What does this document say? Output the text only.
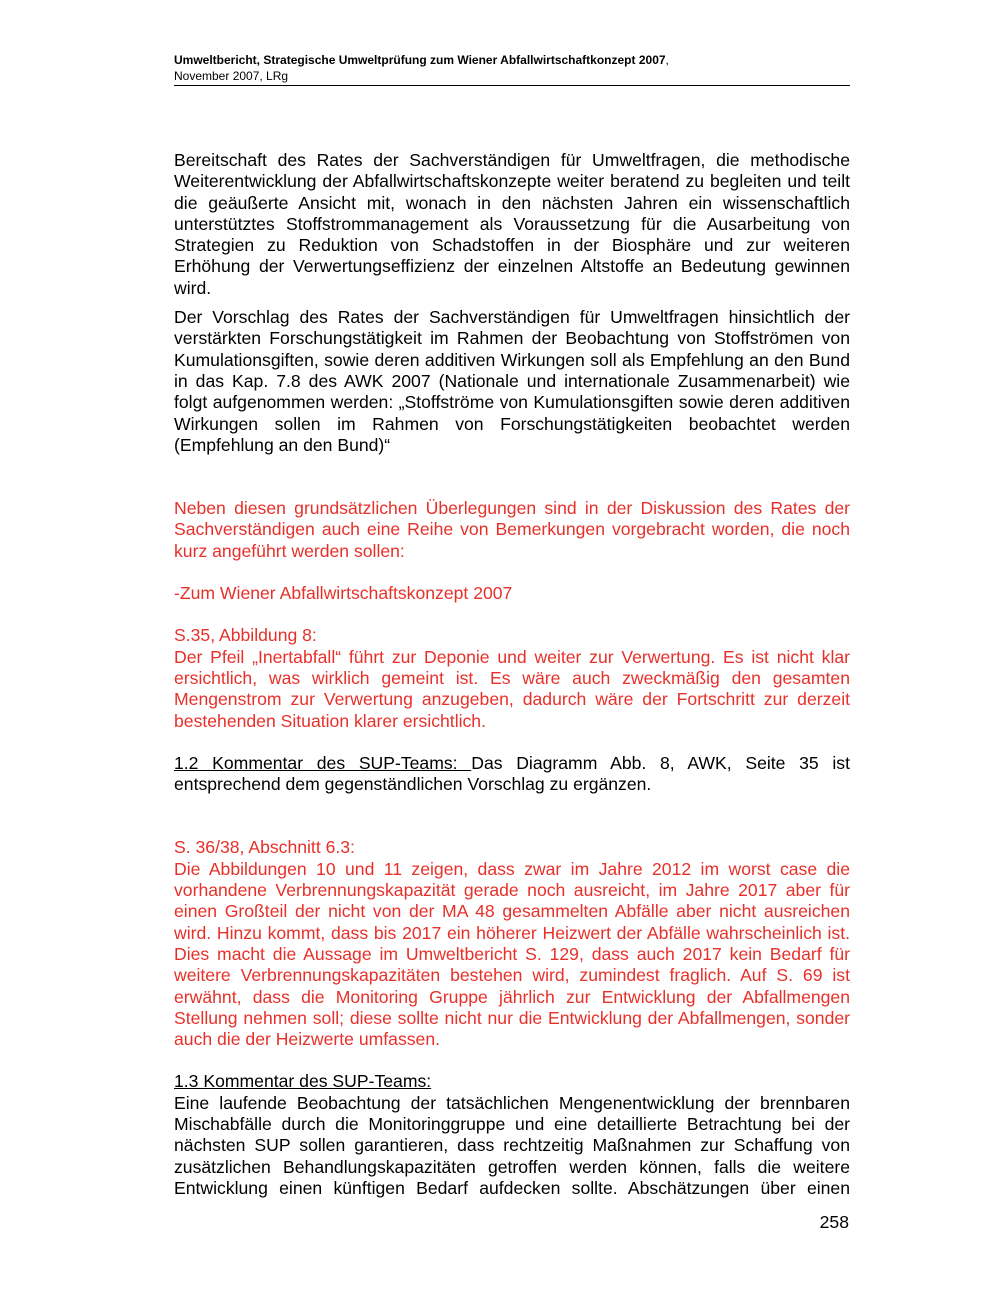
Umweltbericht, Strategische Umweltprüfung zum Wiener Abfallwirtschaftkonzept 2007,
November 2007, LRg

Bereitschaft des Rates der Sachverständigen für Umweltfragen, die methodische Weiterentwicklung der Abfallwirtschaftskonzepte weiter beratend zu begleiten und teilt die geäußerte Ansicht mit, wonach in den nächsten Jahren ein wissenschaftlich unterstütztes Stoffstrommanagement als Voraussetzung für die Ausarbeitung von Strategien zu Reduktion von Schadstoffen in der Biosphäre und zur weiteren Erhöhung der Verwertungseffizienz der einzelnen Altstoffe an Bedeutung gewinnen wird.

Der Vorschlag des Rates der Sachverständigen für Umweltfragen hinsichtlich der verstärkten Forschungstätigkeit im Rahmen der Beobachtung von Stoffströmen von Kumulationsgiften, sowie deren additiven Wirkungen soll als Empfehlung an den Bund in das Kap. 7.8 des AWK 2007 (Nationale und internationale Zusammenarbeit) wie folgt aufgenommen werden: „Stoffströme von Kumulationsgiften sowie deren additiven Wirkungen sollen im Rahmen von Forschungstätigkeiten beobachtet werden (Empfehlung an den Bund)“

Neben diesen grundsätzlichen Überlegungen sind in der Diskussion des Rates der Sachverständigen auch eine Reihe von Bemerkungen vorgebracht worden, die noch kurz angeführt werden sollen:

-Zum Wiener Abfallwirtschaftskonzept 2007

S.35, Abbildung 8:

Der Pfeil „Inertabfall“ führt zur Deponie und weiter zur Verwertung. Es ist nicht klar ersichtlich, was wirklich gemeint ist. Es wäre auch zweckmäßig den gesamten Mengenstrom zur Verwertung anzugeben, dadurch wäre der Fortschritt zur derzeit bestehenden Situation klarer ersichtlich.

1.2 Kommentar des SUP-Teams: Das Diagramm Abb. 8, AWK, Seite 35 ist entsprechend dem gegenständlichen Vorschlag zu ergänzen.

S. 36/38, Abschnitt 6.3:

Die Abbildungen 10 und 11 zeigen, dass zwar im Jahre 2012 im worst case die vorhandene Verbrennungskapazität gerade noch ausreicht, im Jahre 2017 aber für einen Großteil der nicht von der MA 48 gesammelten Abfälle aber nicht ausreichen wird. Hinzu kommt, dass bis 2017 ein höherer Heizwert der Abfälle wahrscheinlich ist. Dies macht die Aussage im Umweltbericht S. 129, dass auch 2017 kein Bedarf für weitere Verbrennungskapazitäten bestehen wird, zumindest fraglich. Auf S. 69 ist erwähnt, dass die Monitoring Gruppe jährlich zur Entwicklung der Abfallmengen Stellung nehmen soll; diese sollte nicht nur die Entwicklung der Abfallmengen, sonder auch die der Heizwerte umfassen.

1.3 Kommentar des SUP-Teams:

Eine laufende Beobachtung der tatsächlichen Mengenentwicklung der brennbaren Mischabfälle durch die Monitoringgruppe und eine detaillierte Betrachtung bei der nächsten SUP sollen garantieren, dass rechtzeitig Maßnahmen zur Schaffung von zusätzlichen Behandlungskapazitäten getroffen werden können, falls die weitere Entwicklung einen künftigen Bedarf aufdecken sollte. Abschätzungen über einen

258
